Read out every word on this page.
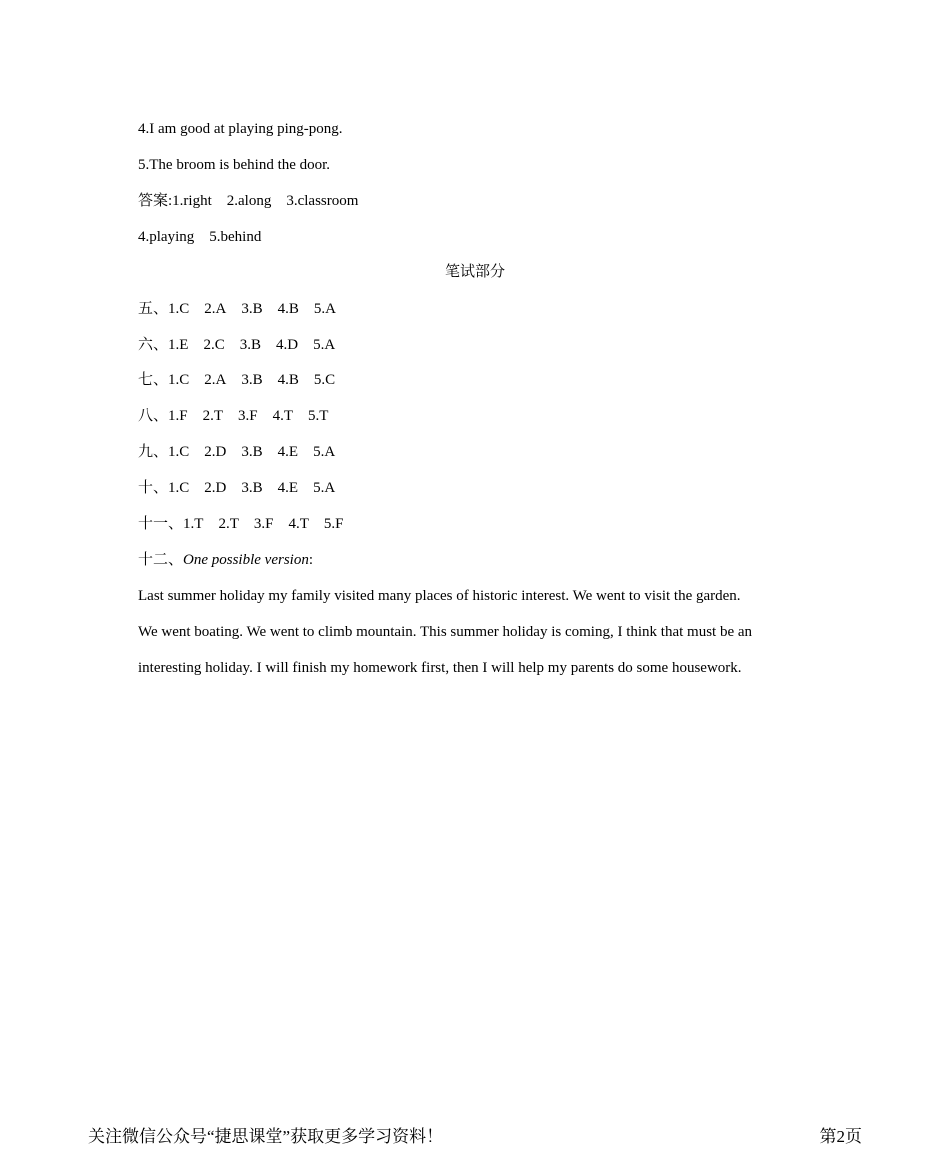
4.I am good at playing ping-pong.
5.The broom is behind the door.
答案:1.right 2.along 3.classroom
4.playing 5.behind
笔试部分
五、1.C 2.A 3.B 4.B 5.A
六、1.E 2.C 3.B 4.D 5.A
七、1.C 2.A 3.B 4.B 5.C
八、1.F 2.T 3.F 4.T 5.T
九、1.C 2.D 3.B 4.E 5.A
十、1.C 2.D 3.B 4.E 5.A
十一、1.T 2.T 3.F 4.T 5.F
十二、One possible version:
Last summer holiday my family visited many places of historic interest. We went to visit the garden.
We went boating. We went to climb mountain. This summer holiday is coming, I think that must be an
interesting holiday. I will finish my homework first, then I will help my parents do some housework.
关注微信公众号“捷思课堂”获取更多学习资料！	第2页
